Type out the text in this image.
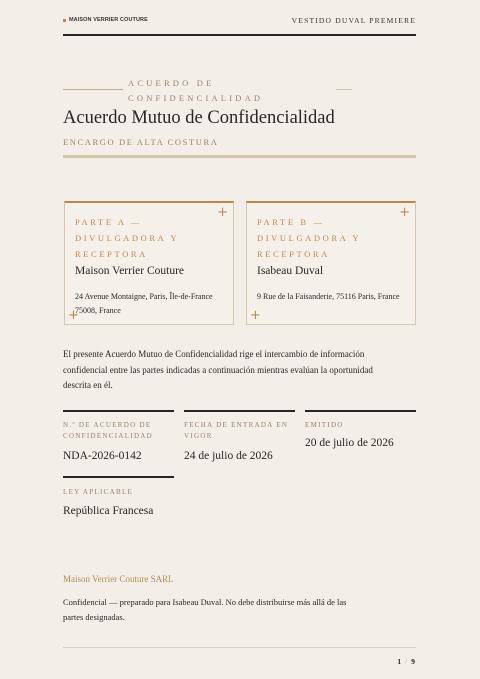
MAISON VERRIER COUTURE	VESTIDO DUVAL PREMIERE
ACUERDO DE CONFIDENCIALIDAD
Acuerdo Mutuo de Confidencialidad
ENCARGO DE ALTA COSTURA
+
+
PARTE A — DIVULGADORA Y RECEPTORA
Maison Verrier Couture
24 Avenue Montaigne, Paris, Île-de-France 75008, France
+
+
PARTE B — DIVULGADORA Y RECEPTORA
Isabeau Duval
9 Rue de la Faisanderie, 75116 Paris, France
El presente Acuerdo Mutuo de Confidencialidad rige el intercambio de información confidencial entre las partes indicadas a continuación mientras evalúan la oportunidad descrita en él.
N.º DE ACUERDO DE CONFIDENCIALIDAD
NDA-2026-0142
FECHA DE ENTRADA EN VIGOR
24 de julio de 2026
EMITIDO
20 de julio de 2026
LEY APLICABLE
República Francesa
Maison Verrier Couture SARL
Confidencial — preparado para Isabeau Duval. No debe distribuirse más allá de las partes designadas.
1 / 9
